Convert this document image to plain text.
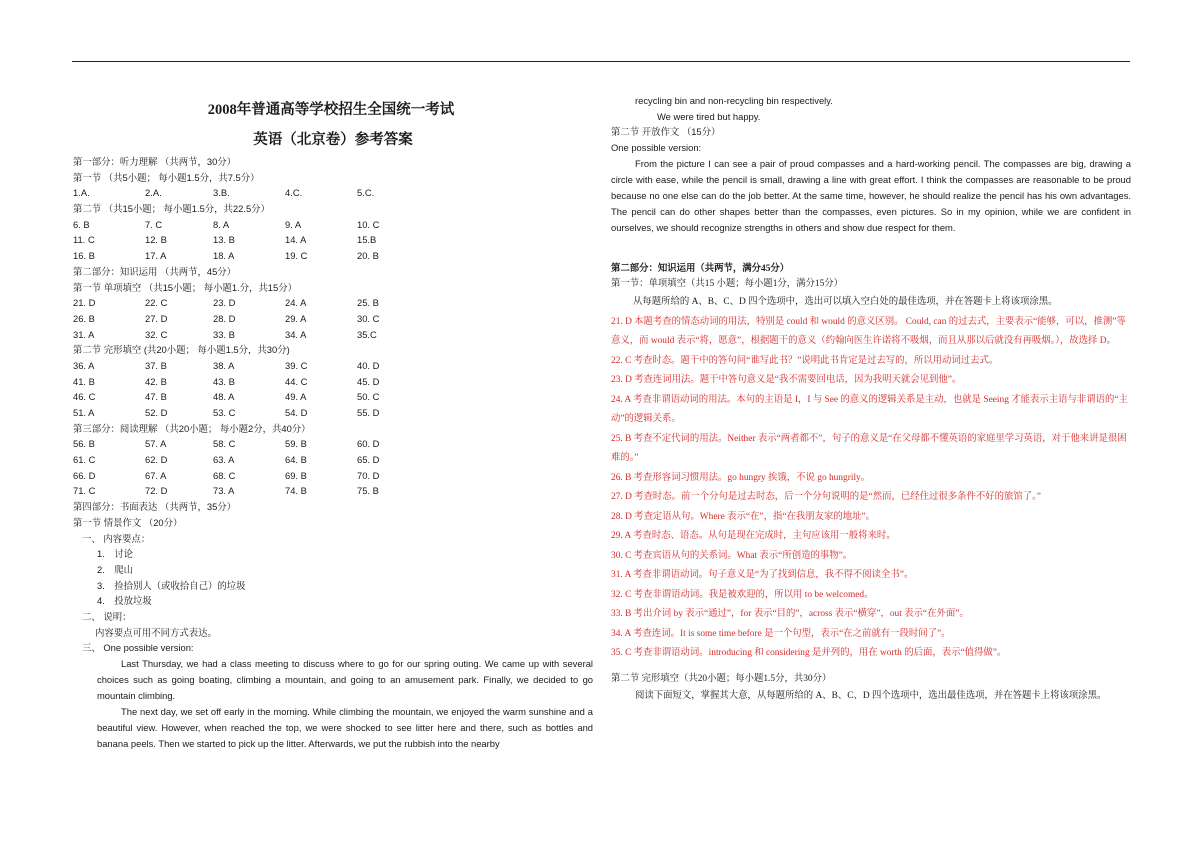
2008年普通高等学校招生全国统一考试
英语（北京卷）参考答案
第一部分：听力理解 （共两节，30分）
第一节 （共5小题； 每小题1.5分，共7.5分）
1.A.	2.A.	3.B.	4.C.	5.C.
第二节 （共15小题； 每小题1.5分，共22.5分）
6. B	7. C	8. A	9. A	10. C
11. C	12. B	13. B	14. A	15.B
16. B	17. A	18. A	19. C	20. B
第二部分：知识运用 （共两节，45分）
第一节 单项填空 （共15小题； 每小题1.分，共15分）
21. D	22. C	23. D	24. A	25. B
26. B	27. D	28. D	29. A	30. C
31. A	32. C	33. B	34. A	35.C
第二节 完形填空 (共20小题； 每小题1.5分，共30分)
36. A	37. B	38. A	39. C	40. D
41. B	42. B	43. B	44. C	45. D
46. C	47. B	48. A	49. A	50. C
51. A	52. D	53. C	54. D	55. D
第三部分：阅读理解 （共20小题； 每小题2分，共40分）
56. B	57. A	58. C	59. B	60. D
61. C	62. D	63. A	64. B	65. D
66. D	67. A	68. C	69. B	70. D
71. C	72. D	73. A	74. B	75. B
第四部分：书面表达 （共两节，35分）
第一节 情景作文 （20分）
一、 内容要点：
1.　讨论
2.　爬山
3.　捡拾别人（或收拾自己）的垃圾
4.　投放垃圾
二、 说明：
内容要点可用不同方式表达。
三、 One possible version:
Last Thursday, we had a class meeting to discuss where to go for our spring outing. We came up with several choices such as going boating, climbing a mountain, and going to an amusement park. Finally, we decided to go mountain climbing.
The next day, we set off early in the morning. While climbing the mountain, we enjoyed the warm sunshine and a beautiful view. However, when reached the top, we were shocked to see litter here and there, such as bottles and banana peels. Then we started to pick up the litter. Afterwards, we put the rubbish into the nearby
recycling bin and non-recycling bin respectively.
We were tired but happy.
第二节 开放作文 （15分）
One possible version:
From the picture I can see a pair of proud compasses and a hard-working pencil. The compasses are big, drawing a circle with ease, while the pencil is small, drawing a line with great effort. I think the compasses are reasonable to be proud because no one else can do the job better. At the same time, however, he should realize the pencil has his own advantages. The pencil can do other shapes better than the compasses, even pictures. So in my opinion, while we are confident in ourselves, we should recognize strengths in others and show due respect for them.
第二部分：知识运用（共两节，满分45分）
第一节：单项填空（共15 小题；每小题1分，满分15分）
从每题所给的 A、B、C、D 四个选项中，选出可以填入空白处的最佳选项，并在答题卡上将该项涂黑。
21. D 本题考查的情态动词的用法，特别是 could 和 would 的意义区别。 Could, can 的过去式，主要表示“能够，可以，推测”等意义，而 would 表示“将，愿意”，根据题干的意义（约翰向医生许诺将不吸烟，而且从那以后就没有再吸烟。），故选择 D。
22. C 考查时态。题干中的答句问“谁写此书？”说明此书肯定是过去写的，所以用动词过去式。
23. D 考查连词用法。题干中答句意义是“我不需要回电话，因为我明天就会见到他”。
24. A 考查非谓语动词的用法。本句的主语是 I，I 与 See 的意义的逻辑关系是主动，也就是 Seeing 才能表示主语与非谓语的“主动”的逻辑关系。
25. B 考查不定代词的用法。Neither 表示“两者都不”，句子的意义是“在父母都不懂英语的家庭里学习英语，对于他来讲是很困难的。”
26. B 考查形容词习惯用法。go hungry 挨饿，不说 go hungrily。
27. D 考查时态。前一个分句是过去时态，后一个分句说明的是“然而，已经住过很多条件不好的旅馆了。”
28. D 考查定语从句。Where 表示“在”，指“在我朋友家的地址”。
29. A 考查时态、语态。从句是现在完成时，主句应该用一般将来时。
30. C 考查宾语从句的关系词。What 表示“所创造的事物”。
31. A 考查非谓语动词。句子意义是“为了找到信息，我不得不阅读全书”。
32. C 考查非谓语动词。我是被欢迎的，所以用 to be welcomed。
33. B 考出介词 by 表示“通过”，for 表示“目的”，across 表示“横穿”，out 表示“在外面”。
34. A 考查连词。It is some time before 是一个句型，表示“在之前就有一段时间了”。
35. C 考查非谓语动词。introducing 和 considering 是并列的，用在 worth 的后面，表示“值得做”。
第二节 完形填空（共20小题；每小题1.5分，共30分）
阅读下面短文，掌握其大意，从每题所给的 A、B、C、D 四个选项中，选出最佳选项，并在答题卡上将该项涂黑。
